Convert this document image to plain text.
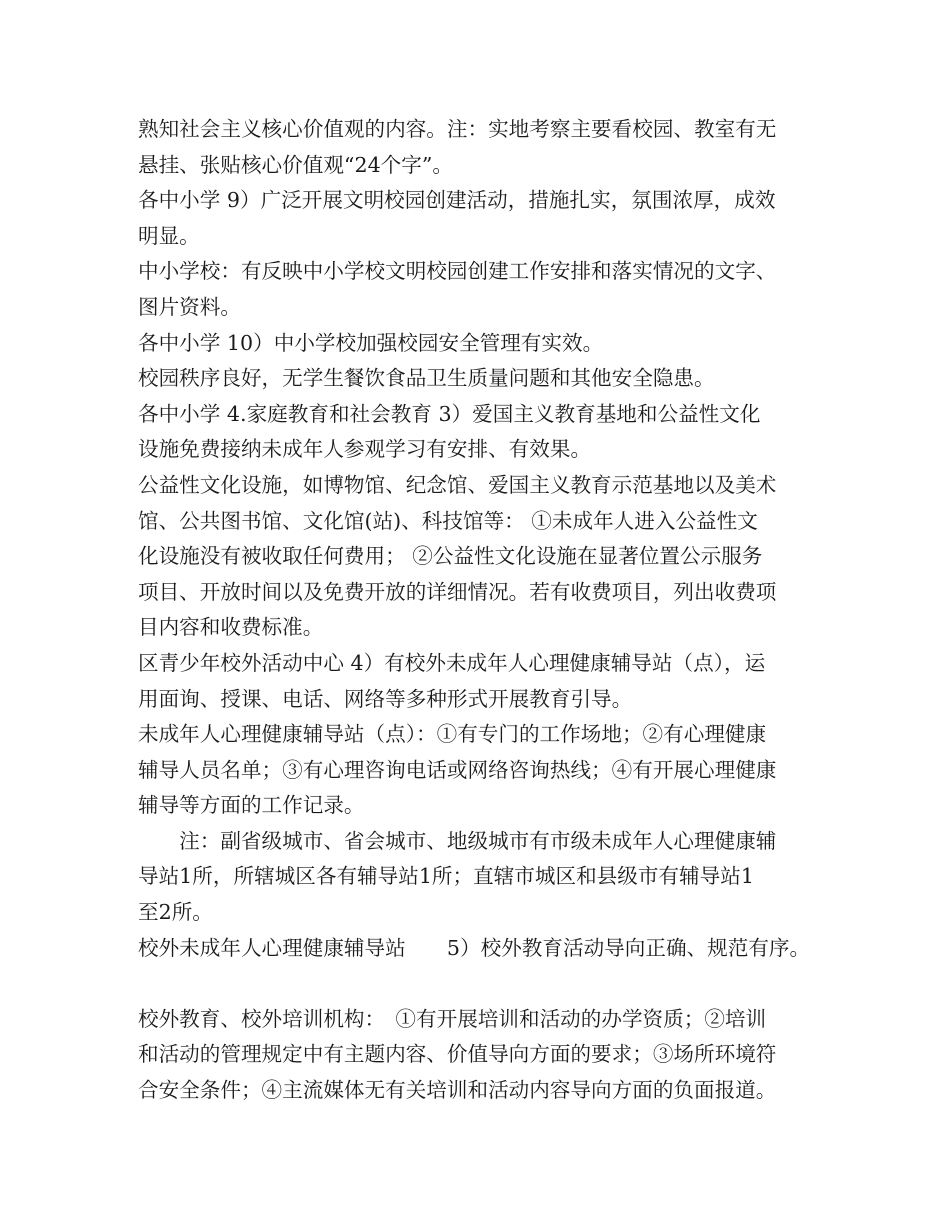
熟知社会主义核心价值观的内容。注：实地考察主要看校园、教室有无
悬挂、张贴核心价值观“24个字”。
各中小学 9）广泛开展文明校园创建活动，措施扎实，氛围浓厚，成效
明显。
中小学校：有反映中小学校文明校园创建工作安排和落实情况的文字、
图片资料。
各中小学 10）中小学校加强校园安全管理有实效。
校园秩序良好，无学生餐饮食品卫生质量问题和其他安全隐患。
各中小学 4.家庭教育和社会教育 3）爱国主义教育基地和公益性文化
设施免费接纳未成年人参观学习有安排、有效果。
公益性文化设施，如博物馆、纪念馆、爱国主义教育示范基地以及美术
馆、公共图书馆、文化馆(站)、科技馆等： ①未成年人进入公益性文
化设施没有被收取任何费用； ②公益性文化设施在显著位置公示服务
项目、开放时间以及免费开放的详细情况。若有收费项目，列出收费项
目内容和收费标准。
区青少年校外活动中心 4）有校外未成年人心理健康辅导站（点），运
用面询、授课、电话、网络等多种形式开展教育引导。
未成年人心理健康辅导站（点）：①有专门的工作场地；②有心理健康
辅导人员名单；③有心理咨询电话或网络咨询热线；④有开展心理健康
辅导等方面的工作记录。
　　注：副省级城市、省会城市、地级城市有市级未成年人心理健康辅
导站1所，所辖城区各有辅导站1所；直辖市城区和县级市有辅导站1
至2所。
校外未成年人心理健康辅导站　　5）校外教育活动导向正确、规范有序。
校外教育、校外培训机构：　①有开展培训和活动的办学资质；②培训
和活动的管理规定中有主题内容、价值导向方面的要求；③场所环境符
合安全条件；④主流媒体无有关培训和活动内容导向方面的负面报道。
